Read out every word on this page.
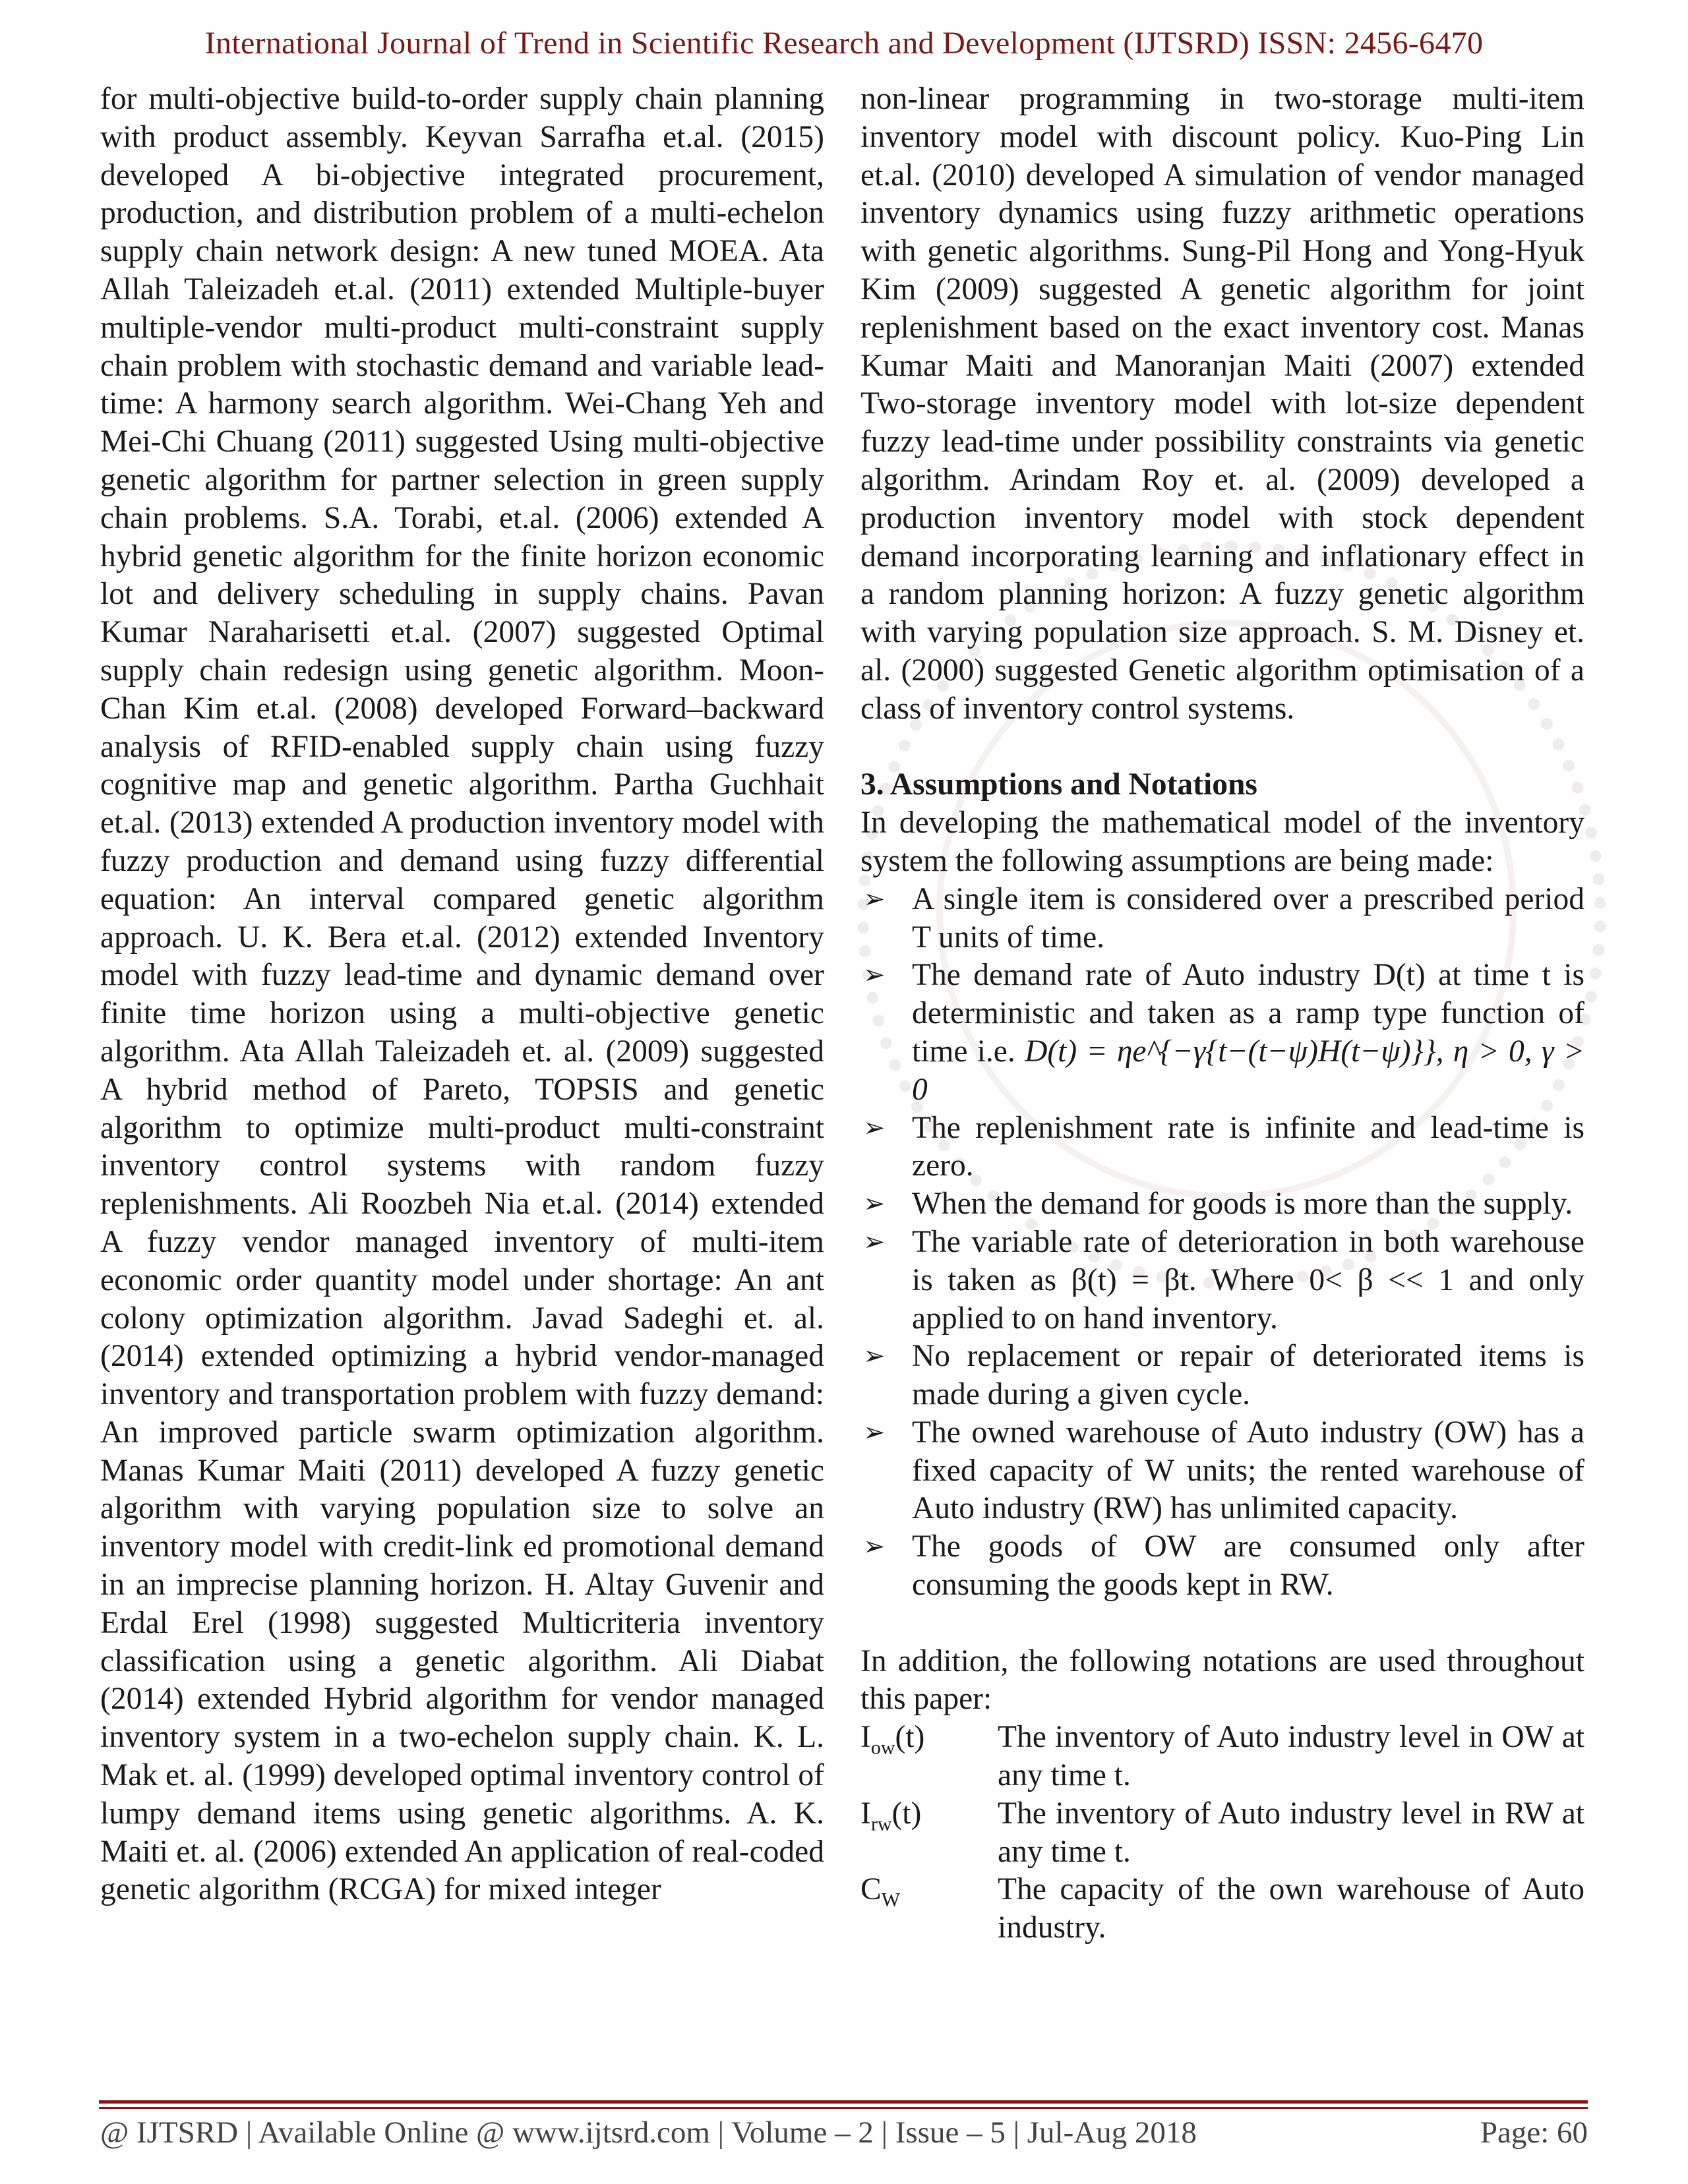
International Journal of Trend in Scientific Research and Development (IJTSRD) ISSN: 2456-6470

for multi-objective build-to-order supply chain planning with product assembly. Keyvan Sarrafha et.al. (2015) developed A bi-objective integrated procurement, production, and distribution problem of a multi-echelon supply chain network design: A new tuned MOEA. Ata Allah Taleizadeh et.al. (2011) extended Multiple-buyer multiple-vendor multi-product multi-constraint supply chain problem with stochastic demand and variable lead-time: A harmony search algorithm. Wei-Chang Yeh and Mei-Chi Chuang (2011) suggested Using multi-objective genetic algorithm for partner selection in green supply chain problems. S.A. Torabi, et.al. (2006) extended A hybrid genetic algorithm for the finite horizon economic lot and delivery scheduling in supply chains. Pavan Kumar Naraharisetti et.al. (2007) suggested Optimal supply chain redesign using genetic algorithm. Moon-Chan Kim et.al. (2008) developed Forward–backward analysis of RFID-enabled supply chain using fuzzy cognitive map and genetic algorithm. Partha Guchhait et.al. (2013) extended A production inventory model with fuzzy production and demand using fuzzy differential equation: An interval compared genetic algorithm approach. U. K. Bera et.al. (2012) extended Inventory model with fuzzy lead-time and dynamic demand over finite time horizon using a multi-objective genetic algorithm. Ata Allah Taleizadeh et. al. (2009) suggested A hybrid method of Pareto, TOPSIS and genetic algorithm to optimize multi-product multi-constraint inventory control systems with random fuzzy replenishments. Ali Roozbeh Nia et.al. (2014) extended A fuzzy vendor managed inventory of multi-item economic order quantity model under shortage: An ant colony optimization algorithm. Javad Sadeghi et. al. (2014) extended optimizing a hybrid vendor-managed inventory and transportation problem with fuzzy demand: An improved particle swarm optimization algorithm. Manas Kumar Maiti (2011) developed A fuzzy genetic algorithm with varying population size to solve an inventory model with credit-link ed promotional demand in an imprecise planning horizon. H. Altay Guvenir and Erdal Erel (1998) suggested Multicriteria inventory classification using a genetic algorithm. Ali Diabat (2014) extended Hybrid algorithm for vendor managed inventory system in a two-echelon supply chain. K. L. Mak et. al. (1999) developed optimal inventory control of lumpy demand items using genetic algorithms. A. K. Maiti et. al. (2006) extended An application of real-coded genetic algorithm (RCGA) for mixed integer

non-linear programming in two-storage multi-item inventory model with discount policy. Kuo-Ping Lin et.al. (2010) developed A simulation of vendor managed inventory dynamics using fuzzy arithmetic operations with genetic algorithms. Sung-Pil Hong and Yong-Hyuk Kim (2009) suggested A genetic algorithm for joint replenishment based on the exact inventory cost. Manas Kumar Maiti and Manoranjan Maiti (2007) extended Two-storage inventory model with lot-size dependent fuzzy lead-time under possibility constraints via genetic algorithm. Arindam Roy et. al. (2009) developed a production inventory model with stock dependent demand incorporating learning and inflationary effect in a random planning horizon: A fuzzy genetic algorithm with varying population size approach. S. M. Disney et. al. (2000) suggested Genetic algorithm optimisation of a class of inventory control systems.

3. Assumptions and Notations

In developing the mathematical model of the inventory system the following assumptions are being made:

➢ A single item is considered over a prescribed period T units of time.
➢ The demand rate of Auto industry D(t) at time t is deterministic and taken as a ramp type function of time i.e. D(t) = ηe^{−γ{t−(t−ψ)H(t−ψ)}}, η > 0, γ > 0
➢ The replenishment rate is infinite and lead-time is zero.
➢ When the demand for goods is more than the supply.
➢ The variable rate of deterioration in both warehouse is taken as β(t) = βt. Where 0< β << 1 and only applied to on hand inventory.
➢ No replacement or repair of deteriorated items is made during a given cycle.
➢ The owned warehouse of Auto industry (OW) has a fixed capacity of W units; the rented warehouse of Auto industry (RW) has unlimited capacity.
➢ The goods of OW are consumed only after consuming the goods kept in RW.

In addition, the following notations are used throughout this paper:

$I_{ow}(t)$	The inventory of Auto industry level in OW at any time t.
$I_{rw}(t)$	The inventory of Auto industry level in RW at any time t.
$C_W$	The capacity of the own warehouse of Auto industry.
@ IJTSRD | Available Online @ www.ijtsrd.com | Volume – 2 | Issue – 5 | Jul-Aug 2018	Page: 60
